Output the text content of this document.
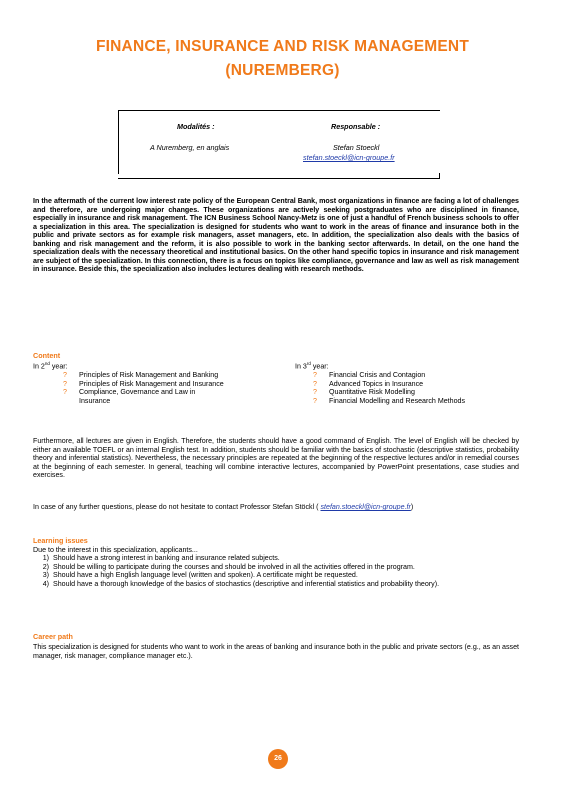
FINANCE, INSURANCE AND RISK MANAGEMENT
(NUREMBERG)
Modalités :	Responsable :
A Nuremberg, en anglais	Stefan Stoeckl
stefan.stoeckl@icn-groupe.fr

In the aftermath of the current low interest rate policy of the European Central Bank, most organizations in finance are facing a lot of challenges and therefore, are undergoing major changes. These organizations are actively seeking postgraduates who are disciplined in finance, especially in insurance and risk management. The ICN Business School Nancy-Metz is one of just a handful of French business schools to offer a specialization in this area. The specialization is designed for students who want to work in the areas of finance and insurance both in the public and private sectors as for example risk managers, asset managers, etc. In addition, the specialization also deals with the basics of banking and risk management and the reform, it is also possible to work in the banking sector afterwards. In detail, on the one hand the specialization deals with the necessary theoretical and institutional basics. On the other hand specific topics in insurance and risk management are subject of the specialization. In this connection, there is a focus on topics like compliance, governance and law as well as risk management in insurance. Beside this, the specialization also includes lectures dealing with research methods.

Content
In 2nd year:
?	Principles of Risk Management and Banking
?	Principles of Risk Management and Insurance
?	Compliance, Governance and Law in
Insurance
In 3rd year:
?	Financial Crisis and Contagion
?	Advanced Topics in Insurance
?	Quantitative Risk Modelling
?	Financial Modelling and Research Methods

Furthermore, all lectures are given in English. Therefore, the students should have a good command of English. The level of English will be checked by either an available TOEFL or an internal English test. In addition, students should be familiar with the basics of stochastic (descriptive statistics, probability theory and inferential statistics). Nevertheless, the necessary principles are repeated at the beginning of the respective lectures and/or in remedial courses at the beginning of each semester. In general, teaching will combine interactive lectures, accompanied by PowerPoint presentations, case studies and exercises.

In case of any further questions, please do not hesitate to contact Professor Stefan Stöckl ( stefan.stoeckl@icn-groupe.fr)

Learning issues
Due to the interest in this specialization, applicants...
1) Should have a strong interest in banking and insurance related subjects.
2) Should be willing to participate during the courses and should be involved in all the activities offered in the program.
3) Should have a high English language level (written and spoken). A certificate might be requested.
4) Should have a thorough knowledge of the basics of stochastics (descriptive and inferential statistics and probability theory).
Career path

This specialization is designed for students who want to work in the areas of banking and insurance both in the public and private sectors (e.g., as an asset manager, risk manager, compliance manager etc.).

26
